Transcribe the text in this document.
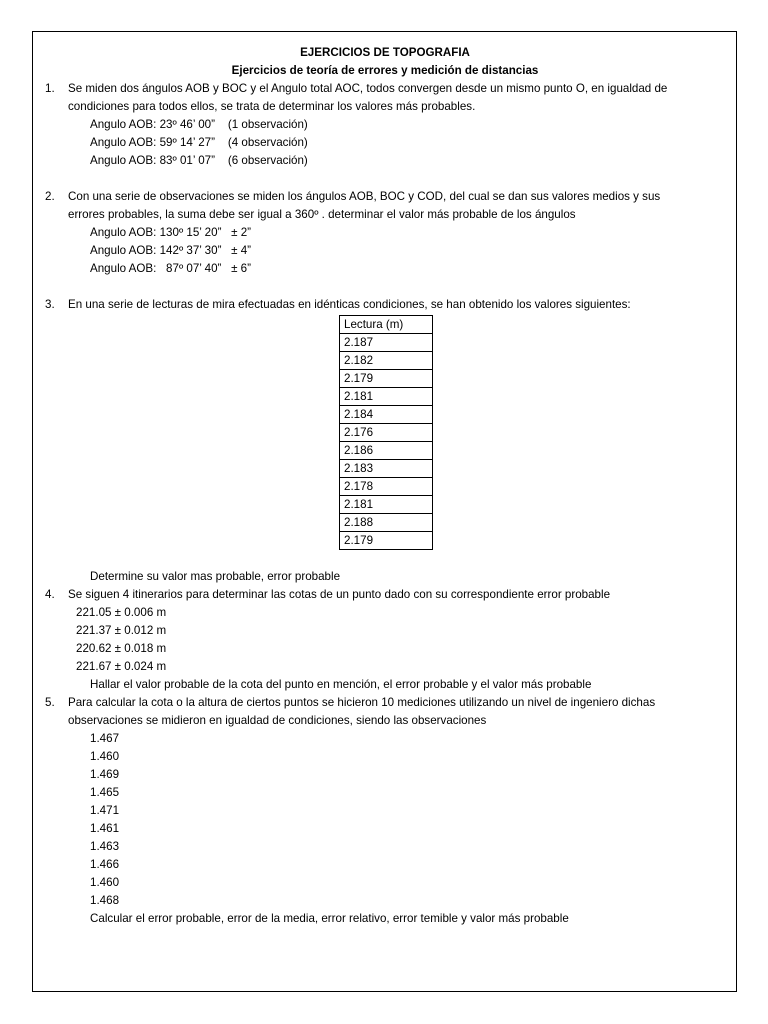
EJERCICIOS DE TOPOGRAFIA
Ejercicios de teoría de errores y medición de distancias
1.	Se miden dos ángulos AOB y BOC y el Angulo total AOC, todos convergen desde un mismo punto O, en igualdad de
condiciones para todos ellos, se trata de determinar los valores más probables.
Angulo AOB: 23º 46’ 00” (1 observación)
Angulo AOB: 59º 14’ 27” (4 observación)
Angulo AOB: 83º 01’ 07” (6 observación)
2.	Con una serie de observaciones se miden los ángulos AOB, BOC y COD, del cual se dan sus valores medios y sus
errores probables, la suma debe ser igual a 360º . determinar el valor más probable de los ángulos
Angulo AOB: 130º 15’ 20” ± 2”
Angulo AOB: 142º 37’ 30” ± 4”
Angulo AOB:   87º 07’ 40” ± 6”
3.	En una serie de lecturas de mira efectuadas en idénticas condiciones, se han obtenido los valores siguientes:
Lectura (m)
2.187
2.182
2.179
2.181
2.184
2.176
2.186
2.183
2.178
2.181
2.188
2.179
Determine su valor mas probable, error probable
4.	Se siguen 4 itinerarios para determinar las cotas de un punto dado con su correspondiente error probable
221.05 ± 0.006 m
221.37 ± 0.012 m
220.62 ± 0.018 m
221.67 ± 0.024 m
Hallar el valor probable de la cota del punto en mención, el error probable y el valor más probable
5.	Para calcular la cota o la altura de ciertos puntos se hicieron 10 mediciones utilizando un nivel de ingeniero dichas
observaciones se midieron en igualdad de condiciones, siendo las observaciones
1.467
1.460
1.469
1.465
1.471
1.461
1.463
1.466
1.460
1.468
Calcular el error probable, error de la media, error relativo, error temible y valor más probable
